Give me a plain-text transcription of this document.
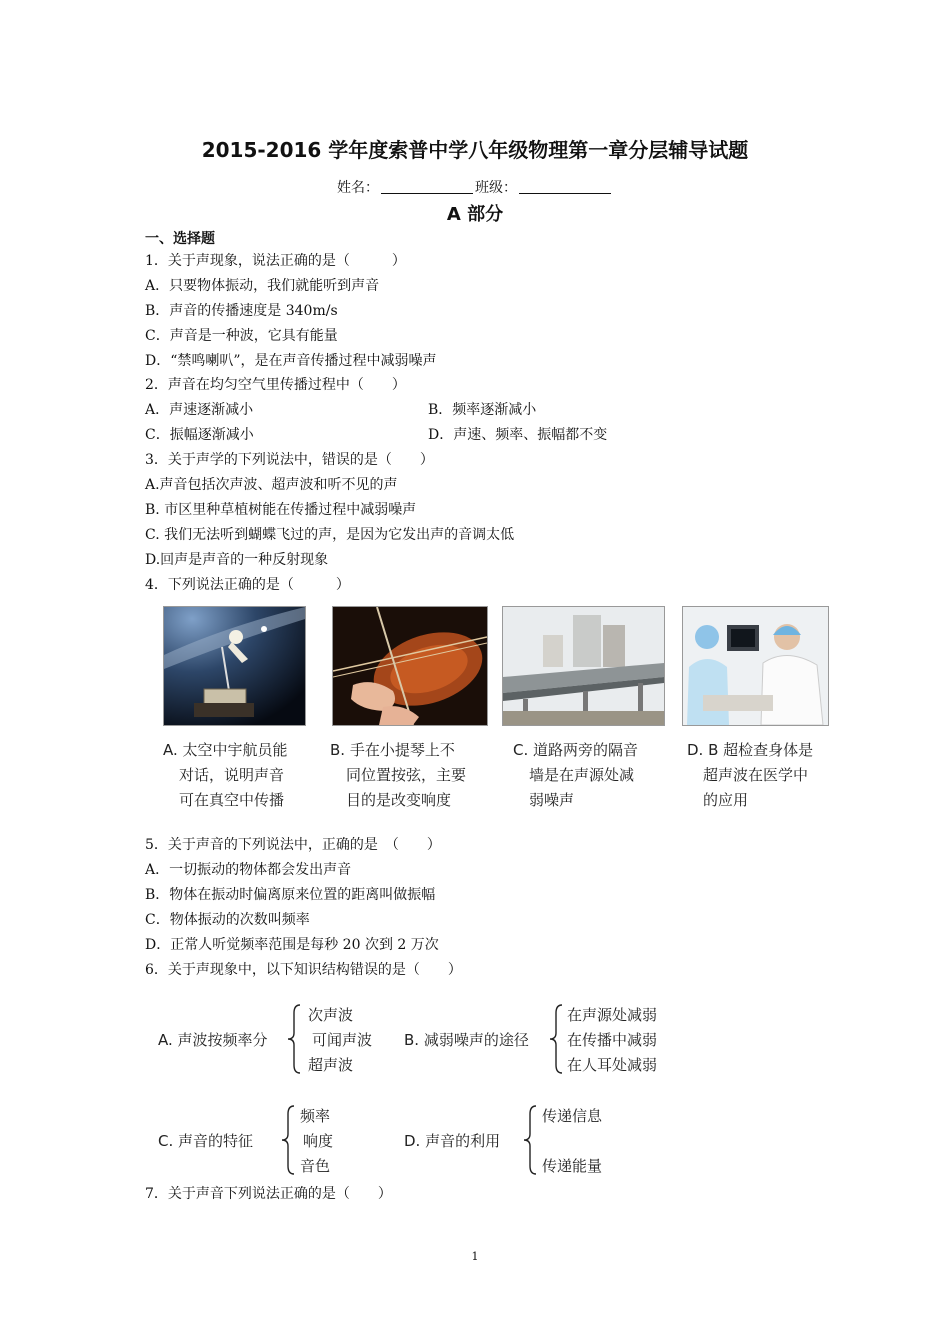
2015-2016 学年度索普中学八年级物理第一章分层辅导试题
姓名：	班级：
A 部分
一、选择题
1．关于声现象，说法正确的是（　　　）
A．只要物体振动，我们就能听到声音
B．声音的传播速度是 340m/s
C．声音是一种波，它具有能量
D．“禁鸣喇叭”，是在声音传播过程中减弱噪声
2．声音在均匀空气里传播过程中（　　）
A．声速逐渐减小	B．频率逐渐减小
C．振幅逐渐减小	D．声速、频率、振幅都不变
3．关于声学的下列说法中，错误的是（　　）
A.声音包括次声波、超声波和听不见的声
B. 市区里种草植树能在传播过程中减弱噪声
C. 我们无法听到蝴蝶飞过的声，是因为它发出声的音调太低
D.回声是声音的一种反射现象
4．下列说法正确的是（　　　）
A. 太空中宇航员能
对话，说明声音
可在真空中传播
B. 手在小提琴上不
同位置按弦，主要
目的是改变响度
C. 道路两旁的隔音
墙是在声源处减
弱噪声
D. B 超检查身体是
超声波在医学中
的应用
5．关于声音的下列说法中，正确的是　（　　）
A．一切振动的物体都会发出声音
B．物体在振动时偏离原来位置的距离叫做振幅
C．物体振动的次数叫频率
D．正常人听觉频率范围是每秒 20 次到 2 万次
6．关于声现象中，以下知识结构错误的是（　　）
A. 声波按频率分
次声波
可闻声波
超声波
B. 减弱噪声的途径
在声源处减弱
在传播中减弱
在人耳处减弱
C. 声音的特征
频率
响度
音色
D. 声音的利用
传递信息
传递能量
7．关于声音下列说法正确的是（　　）
1
